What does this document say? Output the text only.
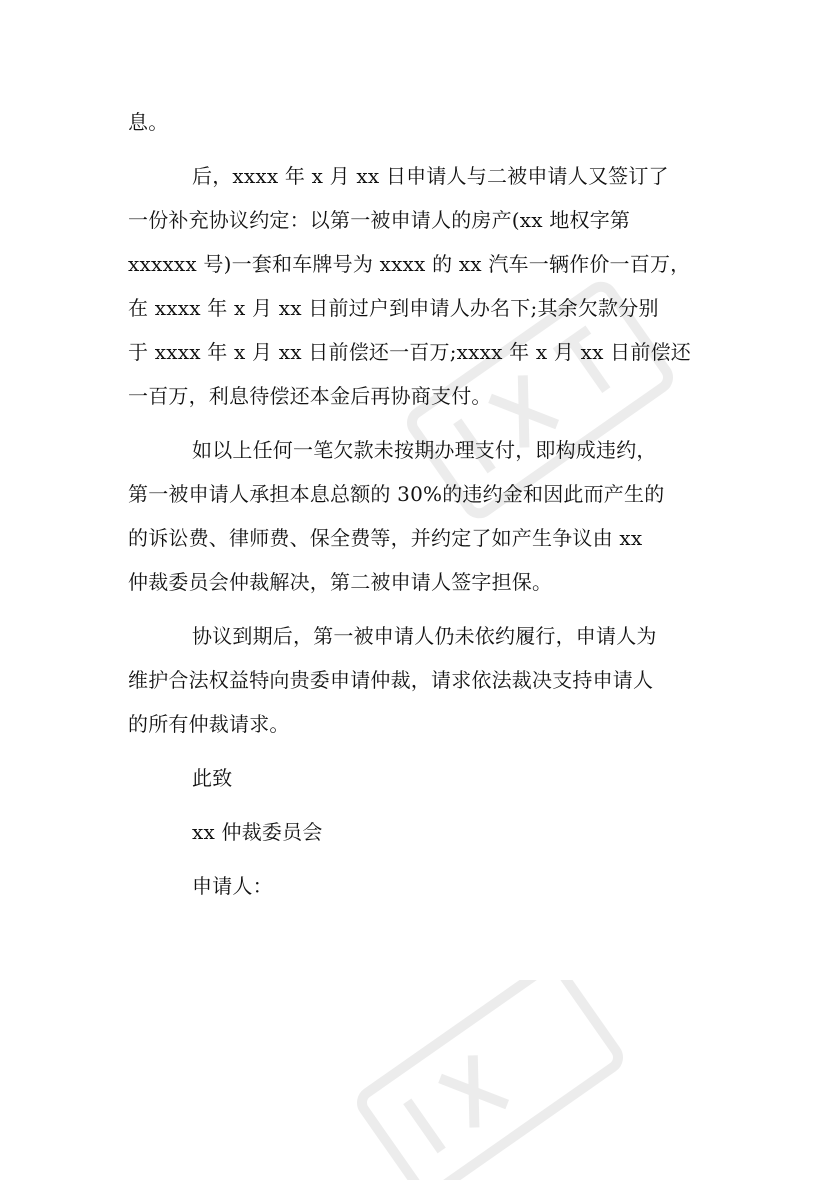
息。
后，xxxx 年 x 月 xx 日申请人与二被申请人又签订了
一份补充协议约定：以第一被申请人的房产(xx 地权字第
xxxxxx 号)一套和车牌号为 xxxx 的 xx 汽车一辆作价一百万，
在 xxxx 年 x 月 xx 日前过户到申请人办名下;其余欠款分别
于 xxxx 年 x 月 xx 日前偿还一百万;xxxx 年 x 月 xx 日前偿还
一百万，利息待偿还本金后再协商支付。
如以上任何一笔欠款未按期办理支付，即构成违约，
第一被申请人承担本息总额的 30%的违约金和因此而产生的
的诉讼费、律师费、保全费等，并约定了如产生争议由 xx
仲裁委员会仲裁解决，第二被申请人签字担保。
协议到期后，第一被申请人仍未依约履行，申请人为
维护合法权益特向贵委申请仲裁，请求依法裁决支持申请人
的所有仲裁请求。
此致
xx 仲裁委员会
申请人：
